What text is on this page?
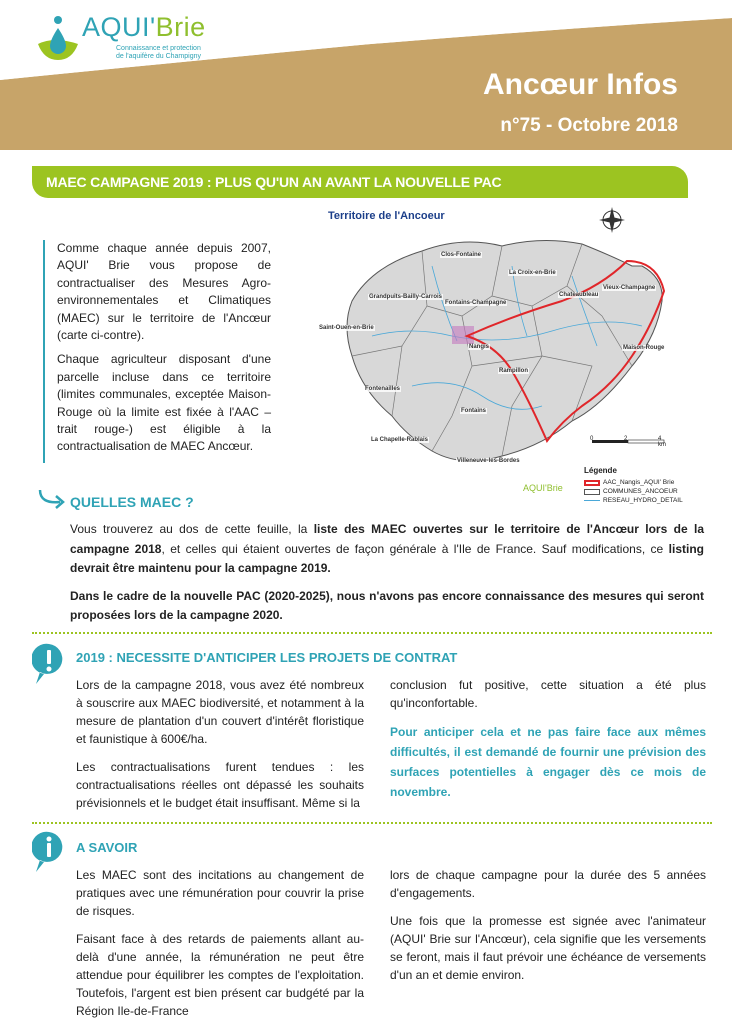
AQUI'Brie
Connaissance et protection
de l'aquifère du Champigny
Ancœur Infos
n°75 - Octobre 2018
MAEC CAMPAGNE 2019 : PLUS QU'UN AN AVANT LA NOUVELLE PAC

Comme chaque année depuis 2007, AQUI' Brie vous propose de contractualiser des Mesures Agro-environnementales et Climatiques (MAEC) sur le territoire de l'Ancœur (carte ci-contre).

Chaque agriculteur disposant d'une parcelle incluse dans ce territoire (limites communales, exceptée Maison-Rouge où la limite est fixée à l'AAC –trait rouge-) est éligible à la contractualisation de MAEC Ancœur.

Territoire de l'Ancoeur
Clos-Fontaine
La Croix-en-Brie
Grandpuits-Bailly-Carrois
Fontains-Champagne
Chateaubleau
Saint-Ouen-en-Brie
Nangis
Vieux-Champagne
Maison-Rouge
Rampillon
Fontenailles
Fontains
La Chapelle-Rablais
Villeneuve-les-Bordes
0	2	4 km
Légende
AAC_Nangis_AQUI' Brie
COMMUNES_ANCOEUR
RESEAU_HYDRO_DETAIL
AQUI'Brie
QUELLES MAEC ?

Vous trouverez au dos de cette feuille, la liste des MAEC ouvertes sur le territoire de l'Ancœur lors de la campagne 2018, et celles qui étaient ouvertes de façon générale à l'Ile de France. Sauf modifications, ce listing devrait être maintenu pour la campagne 2019.

Dans le cadre de la nouvelle PAC (2020-2025), nous n'avons pas encore connaissance des mesures qui seront proposées lors de la campagne 2020.

2019 : NECESSITE D'ANTICIPER LES PROJETS DE CONTRAT

Lors de la campagne 2018, vous avez été nombreux à souscrire aux MAEC biodiversité, et notamment à la mesure de plantation d'un couvert d'intérêt floristique et faunistique à 600€/ha.

Les contractualisations furent tendues : les contractualisations réelles ont dépassé les souhaits prévisionnels et le budget était insuffisant. Même si la

conclusion fut positive, cette situation a été plus qu'inconfortable.

Pour anticiper cela et ne pas faire face aux mêmes difficultés, il est demandé de fournir une prévision des surfaces potentielles à engager dès ce mois de novembre.

A SAVOIR

Les MAEC sont des incitations au changement de pratiques avec une rémunération pour couvrir la prise de risques.

Faisant face à des retards de paiements allant au-delà d'une année, la rémunération ne peut être attendue pour équilibrer les comptes de l'exploitation. Toutefois, l'argent est bien présent car budgété par la Région Ile-de-France

lors de chaque campagne pour la durée des 5 années d'engagements.

Une fois que la promesse est signée avec l'animateur (AQUI' Brie sur l'Ancœur), cela signifie que les versements se feront, mais il faut prévoir une échéance de versements d'un an et demie environ.
